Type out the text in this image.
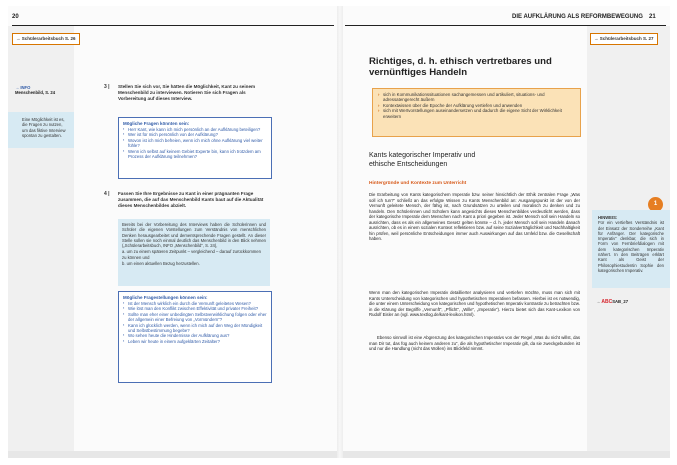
20	DIE AUFKLÄRUNG ALS REFORMBEWEGUNG 21
→ Schülerarbeitsbuch S. 26
→ INFO
Menschenbild, S. 24
Eine Möglichkeit ist es, die Fragen zu nutzen, um das fiktive Interview spontan zu gestalten.
3 | Stellen Sie sich vor, Sie hätten die Möglichkeit, Kant zu seinem Menschenbild zu interviewen. Notieren Sie sich Fragen als Vorbereitung auf dieses Interview.
Mögliche Fragen könnten sein:
▪ Herr Kant, wie kann ich mich persönlich an der Aufklärung beteiligen?
▪ Wer ist für mich persönlich von der Aufklärung?
▪ Wovon ist ich mich befreien, wenn ich mich ohne Aufklärung viel weiter fühle?
▪ Wenn ich selbst auf keinem Gebiet Experte bin, kann ich trotzdem am Prozess der Aufklärung teilnehmen?
4 | Fassen Sie Ihre Ergebnisse zu Kant in einer prägnanten Frage zusammen, die auf das Menschenbild Kants baut auf die Aktualität dieses Menschenbildes abzielt.
Bereits bei der Vorbereitung des Interviews haben die Schülerinnen und Schüler die eigenen Vorstellungen zum Verständnis von menschlichen Denken herausgearbeitet und dementsprechende Fragen gestellt. An dieser Stelle sollen sie noch einmal deutlich das Menschenbild in den Blick nehmen („Schülerarbeitsbuch, INFO „Menschenbild“, S. 24),
a. um zu einem späteren Zeitpunkt – vergleichend – darauf zurückkommen zu können und
b. um einen aktuellen Bezug herzustellen.
Mögliche Fragestellungen können sein:
▪ Ist der Mensch wirklich ein durch die Vernunft geleitetes Wesen?
▪ Wie löst man den Konflikt zwischen Effektivität und privater Freiheit?
▪ Sollte man eher einer unbedingten Selbstverwirklichung folgen oder eher der allgemein einer Befreiung von „Vormündern“?
▪ Kann ich glücklich werden, wenn ich mich auf den Weg der Mündigkeit und Selbstbestimmung begebe?
▪ Wo sehen heute die Hindernisse der Aufklärung aus?
▪ Leben wir heute in einem aufgeklärten Zeitalter?
Richtiges, d. h. ethisch vertretbares und
vernünftiges Handeln
› sich in Kommunikationssituationen sachangemessen und artikuliert, situations- und adressatengerecht äußern
› Kontextwissen über die Epoche der Aufklärung vertiefen und anwenden
› sich mit Wertvorstellungen auseinandersetzen und dadurch die eigene Sicht der Wirklichkeit erweitern
Kants kategorischer Imperativ und
ethische Entscheidungen
Hintergründe und Kontexte zum Unterricht
Die Erarbeitung von Kants kategorischem Imperativ bzw. seiner hinsichtlich der Ethik zentralen Frage „Was soll ich tun?“ schließt an das erfolgte Wissen zu Kants Menschenbild an: Ausgangspunkt ist der von der Vernunft geleitete Mensch, der fähig ist, nach Grundsätzen zu urteilen und moralisch zu denken und zu handeln. Den Schülerinnen und Schülern kann angesichts dieses Menschenbildes verdeutlicht werden, dass der kategorische Imperativ dem Menschen nach Kant a priori gegeben ist. Jeder Mensch soll sein Handeln so ausrichten, dass es als ein allgemeines Gesetz gelten könnte – d. h. jeder Mensch soll sein Handeln danach ausrichten, ob es in einem sozialen Kontext reflektieren bzw. auf seine Sozialverträglichkeit und Nachhaltigkeit hin prüfen, weil persönliche Entscheidungen immer auch Auswirkungen auf das Umfeld bzw. die Gesellschaft haben.
Wenn man den kategorischen Imperativ detaillierter analysieren und vertiefen möchte, muss man sich mit Kants Unterscheidung von kategorischen und hypothetischen Imperativen befassen. Hierbei ist es notwendig, die unter einem Unterscheidung von kategorischen und hypothetischen Imperativ kontrastiv zu betrachten bzw. in die Klärung der Begriffe „Vernunft“, „Pflicht“, „Wille“, „Imperativ“). Hierzu bietet sich das Kant-Lexikon von Rudolf Eisler an (vgl. www.textlog.de/kant-lexikon.html).
Ebenso sinnvoll ist eine Abgrenzung des kategorischen Imperativs von der Regel „Was du nicht willst, das man Dir tut, das füg auch keinem anderen zu“, die als hypothetischer Imperativ gilt, da sie zweckgebunden ist und nur die Handlung (nicht das Wollen) ins Blickfeld nimmt.
→ Schülerarbeitsbuch S. 27
1
HINWEIS:
Für ein vertieftes Verständnis ist der Einsatz der Sonderreihe „Kant für Anfänger. Der kategorische Imperativ“ denkbar, die sich in Form von Fernbriefdialogen mit dem kategorischen Imperativ nähert. In den Beiträgen erklärt Kant als Geist der Philosophiestudentin Sophie den kategorischen Imperativ.
→ ABCSAB_27
